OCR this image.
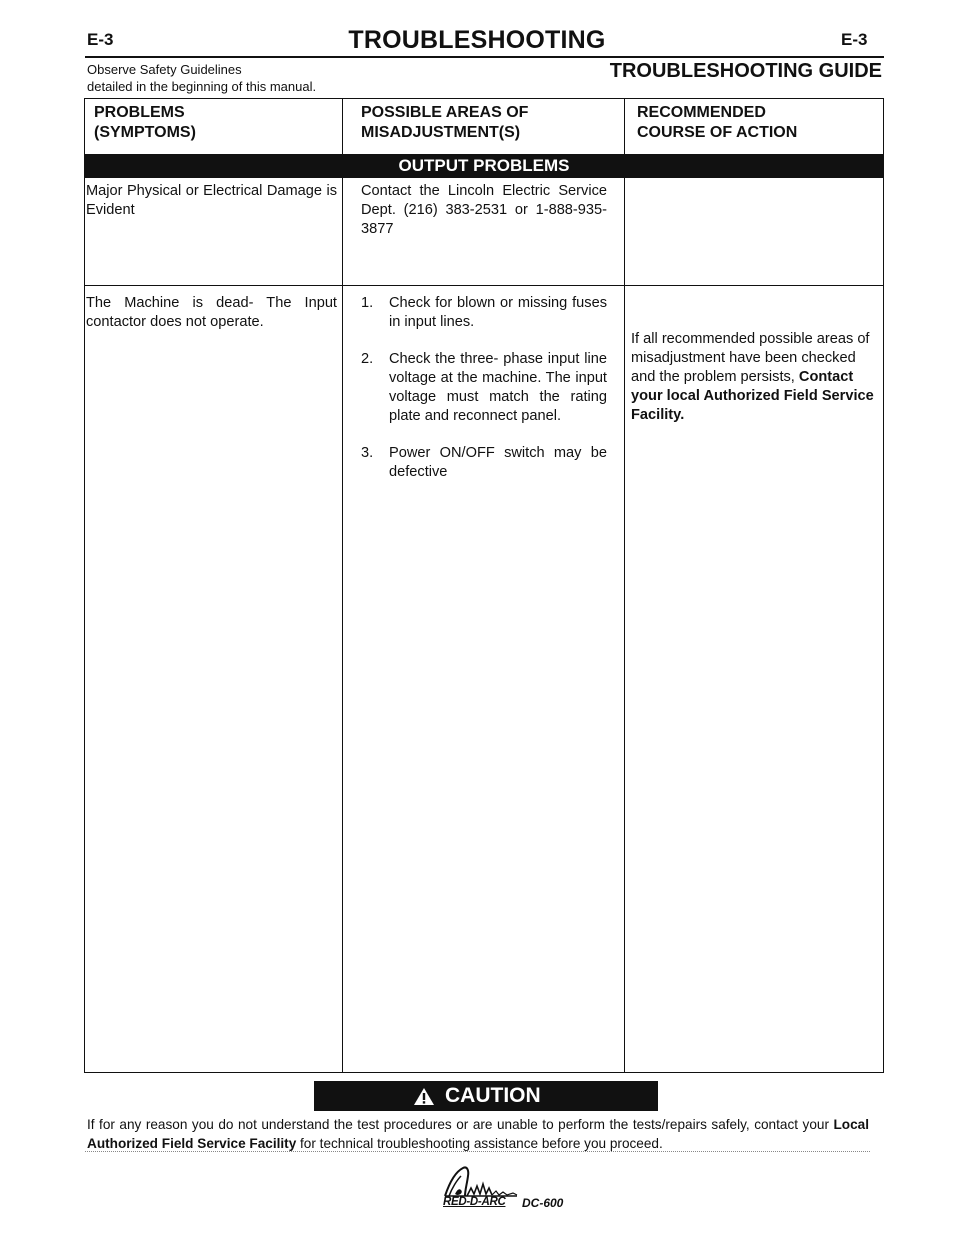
E-3	E-3
TROUBLESHOOTING
Observe Safety Guidelines
detailed in the beginning of this manual.
TROUBLESHOOTING GUIDE
PROBLEMS
(SYMPTOMS)
POSSIBLE AREAS OF
MISADJUSTMENT(S)
RECOMMENDED
COURSE OF ACTION
OUTPUT PROBLEMS
Major Physical or Electrical Damage is Evident
Contact the Lincoln Electric Service Dept. (216) 383-2531 or 1-888-935-3877
The Machine is dead- The Input contactor does not operate.
1. Check for blown or missing fuses in input lines.
2. Check the three- phase input line voltage at the machine. The input voltage must match the rating plate and reconnect panel.
3. Power ON/OFF switch may be defective
If all recommended possible areas of misadjustment have been checked and the problem persists, Contact your local Authorized Field Service Facility.
CAUTION
If for any reason you do not understand the test procedures or are unable to perform the tests/repairs safely, contact your Local Authorized Field Service Facility for technical troubleshooting assistance before you proceed.
RED-D-ARC DC-600
